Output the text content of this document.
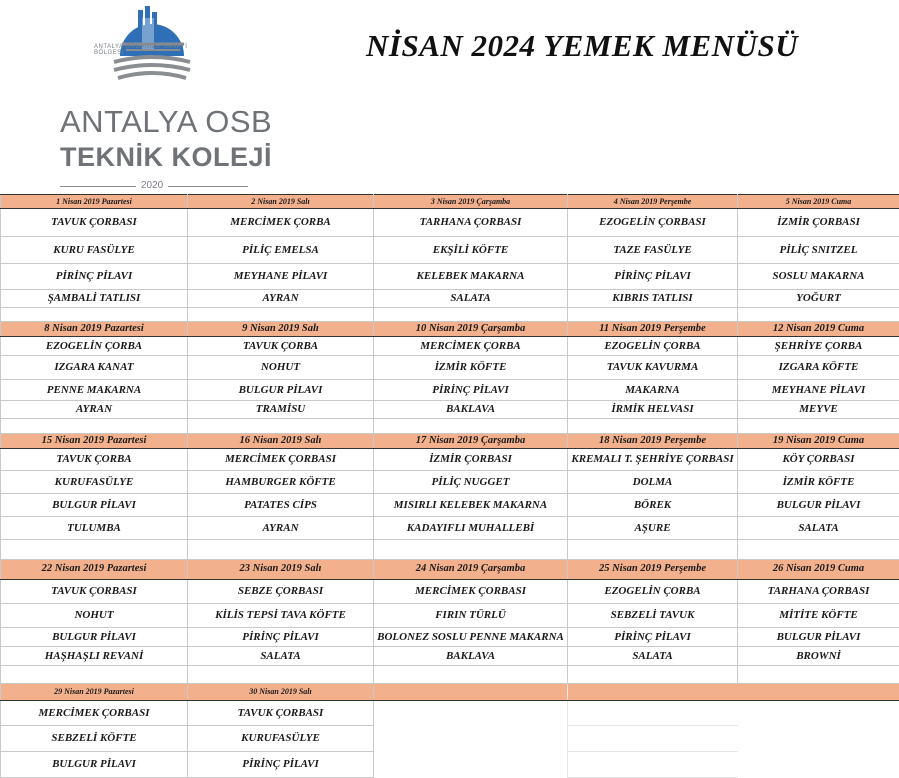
ANTALYA ORGANİZE SANAYİ BÖLGESİ
ANTALYA OSB
TEKNİK KOLEJİ
2020
NİSAN 2024 YEMEK MENÜSÜ
1 Nisan 2019 Pazartesi	2 Nisan 2019 Salı	3 Nisan 2019 Çarşamba	4 Nisan 2019 Perşembe	5 Nisan 2019 Cuma
TAVUK ÇORBASI	MERCİMEK ÇORBA	TARHANA ÇORBASI	EZOGELİN ÇORBASI	İZMİR ÇORBASI
KURU FASÜLYE	PİLİÇ EMELSA	EKŞİLİ KÖFTE	TAZE FASÜLYE	PİLİÇ SNITZEL
PİRİNÇ PİLAVI	MEYHANE PİLAVI	KELEBEK MAKARNA	PİRİNÇ PİLAVI	SOSLU MAKARNA
ŞAMBALİ TATLISI	AYRAN	SALATA	KIBRIS TATLISI	YOĞURT

8 Nisan 2019 Pazartesi	9 Nisan 2019 Salı	10 Nisan 2019 Çarşamba	11 Nisan 2019 Perşembe	12 Nisan 2019 Cuma
EZOGELİN ÇORBA	TAVUK ÇORBA	MERCİMEK ÇORBA	EZOGELİN ÇORBA	ŞEHRİYE ÇORBA
IZGARA KANAT	NOHUT	İZMİR KÖFTE	TAVUK KAVURMA	IZGARA KÖFTE
PENNE MAKARNA	BULGUR PİLAVI	PİRİNÇ PİLAVI	MAKARNA	MEYHANE PİLAVI
AYRAN	TRAMİSU	BAKLAVA	İRMİK HELVASI	MEYVE

15 Nisan 2019 Pazartesi	16 Nisan 2019 Salı	17 Nisan 2019 Çarşamba	18 Nisan 2019 Perşembe	19 Nisan 2019 Cuma
TAVUK ÇORBA	MERCİMEK ÇORBASI	İZMİR ÇORBASI	KREMALI T. ŞEHRİYE ÇORBASI	KÖY ÇORBASI
KURUFASÜLYE	HAMBURGER KÖFTE	PİLİÇ NUGGET	DOLMA	İZMİR KÖFTE
BULGUR PİLAVI	PATATES CİPS	MISIRLI KELEBEK MAKARNA	BÖREK	BULGUR PİLAVI
TULUMBA	AYRAN	KADAYIFLI MUHALLEBİ	AŞURE	SALATA

22 Nisan 2019 Pazartesi	23 Nisan 2019 Salı	24 Nisan 2019 Çarşamba	25 Nisan 2019 Perşembe	26 Nisan 2019 Cuma
TAVUK ÇORBASI	SEBZE ÇORBASI	MERCİMEK ÇORBASI	EZOGELİN ÇORBA	TARHANA ÇORBASI
NOHUT	KİLİS TEPSİ TAVA KÖFTE	FIRIN TÜRLÜ	SEBZELİ TAVUK	MİTİTE KÖFTE
BULGUR PİLAVI	PİRİNÇ PİLAVI	BOLONEZ SOSLU PENNE MAKARNA	PİRİNÇ PİLAVI	BULGUR PİLAVI
HAŞHAŞLI REVANİ	SALATA	BAKLAVA	SALATA	BROWNİ

29 Nisan 2019 Pazartesi	30 Nisan 2019 Salı			
MERCİMEK ÇORBASI	TAVUK ÇORBASI			
SEBZELİ KÖFTE	KURUFASÜLYE			
BULGUR PİLAVI	PİRİNÇ PİLAVI			
